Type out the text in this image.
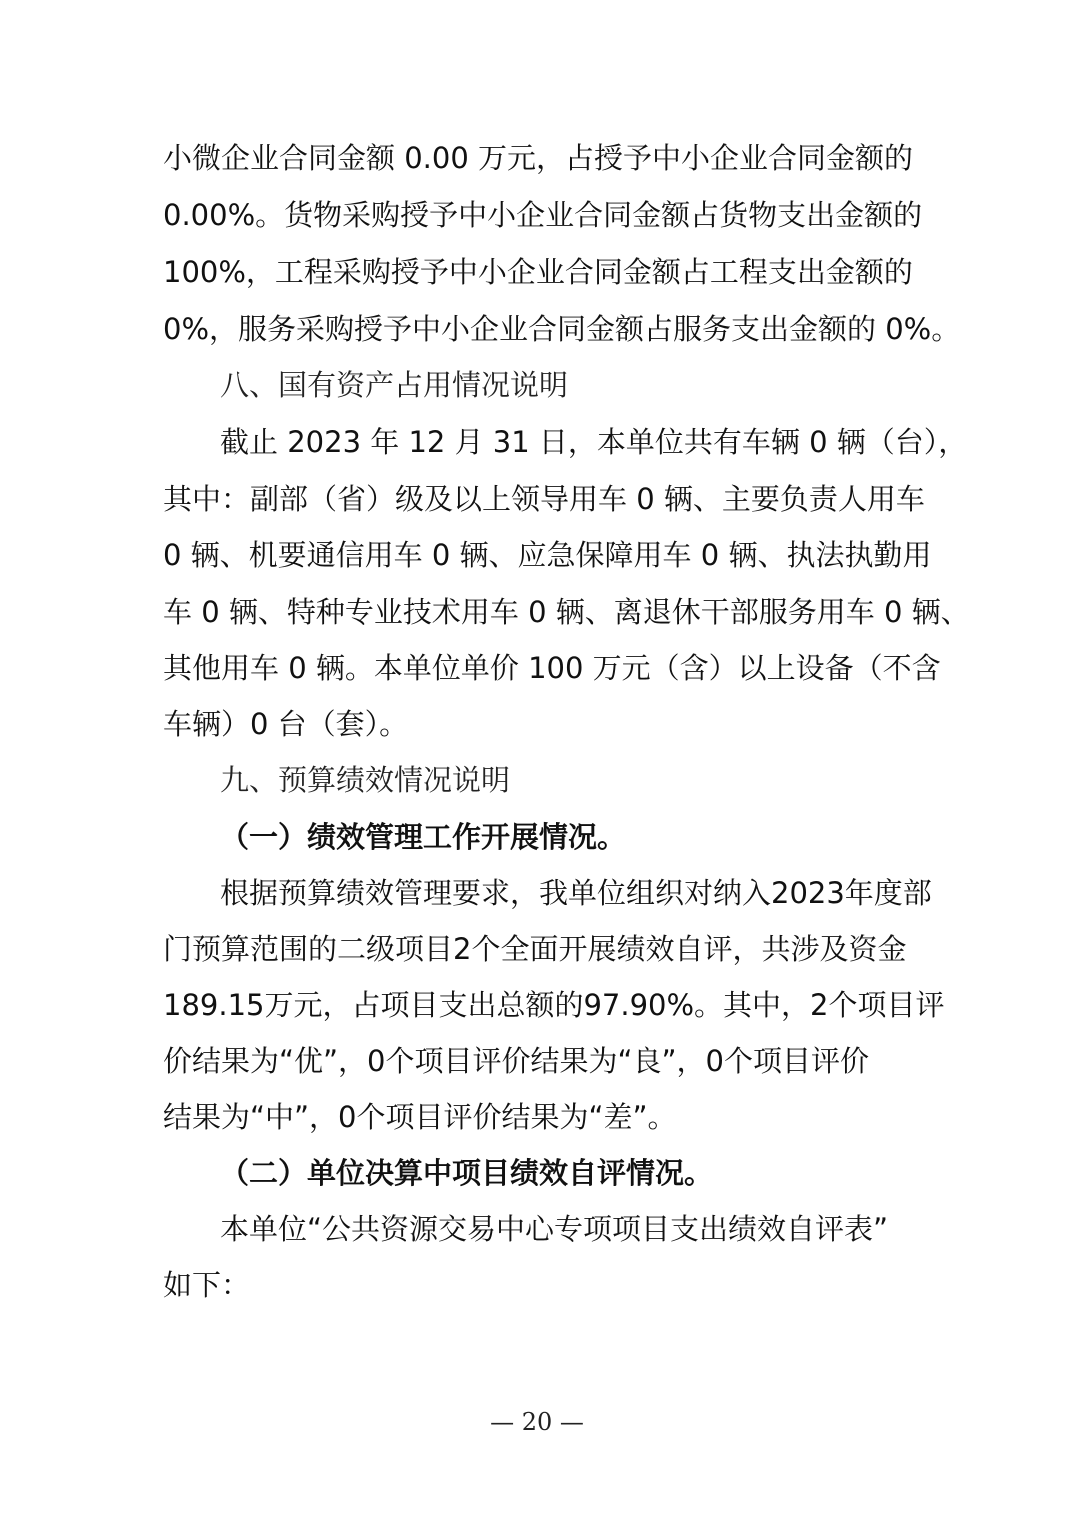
小微企业合同金额 0.00 万元，占授予中小企业合同金额的
0.00%。货物采购授予中小企业合同金额占货物支出金额的
100%，工程采购授予中小企业合同金额占工程支出金额的
0%，服务采购授予中小企业合同金额占服务支出金额的 0%。
八、国有资产占用情况说明
截止 2023 年 12 月 31 日，本单位共有车辆 0 辆（台），
其中：副部（省）级及以上领导用车 0 辆、主要负责人用车
0 辆、机要通信用车 0 辆、应急保障用车 0 辆、执法执勤用
车 0 辆、特种专业技术用车 0 辆、离退休干部服务用车 0 辆、
其他用车 0 辆。本单位单价 100 万元（含）以上设备（不含
车辆）0 台（套）。
九、预算绩效情况说明
（一）绩效管理工作开展情况。
根据预算绩效管理要求，我单位组织对纳入2023年度部
门预算范围的二级项目2个全面开展绩效自评，共涉及资金
189.15万元，占项目支出总额的97.90%。其中，2个项目评
价结果为“优”，0个项目评价结果为“良”，0个项目评价
结果为“中”，0个项目评价结果为“差”。
（二）单位决算中项目绩效自评情况。
本单位“公共资源交易中心专项项目支出绩效自评表”
如下：
— 20 —
